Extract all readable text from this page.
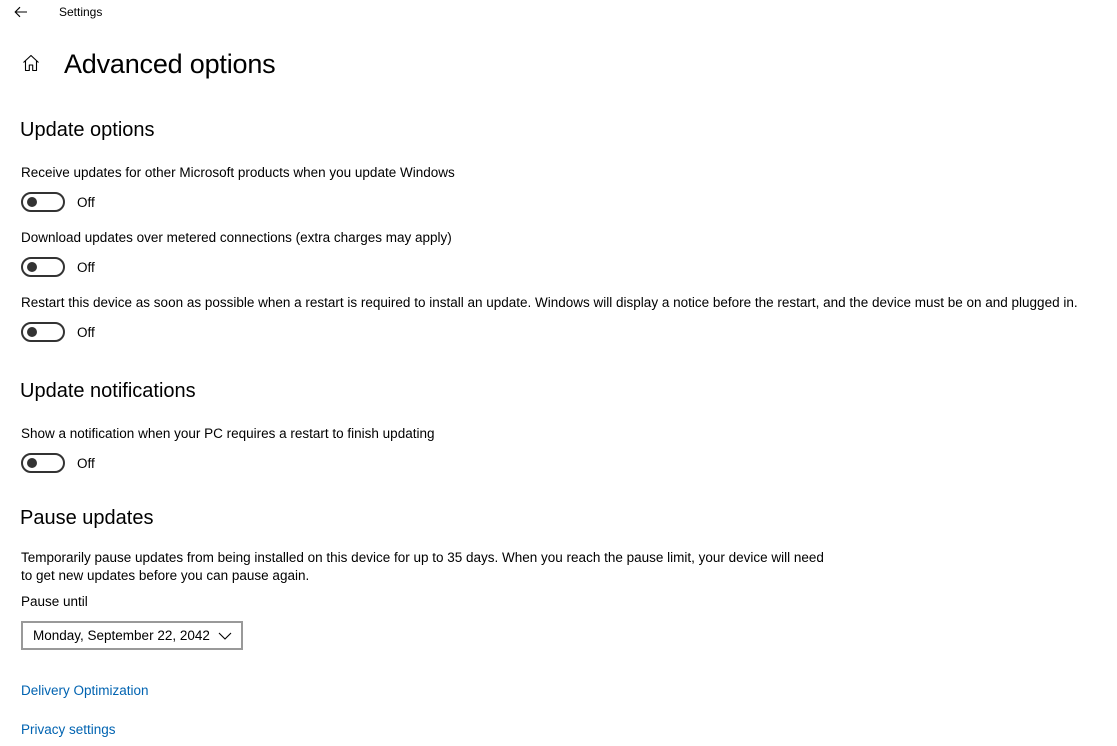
Settings
Advanced options
Update options
Receive updates for other Microsoft products when you update Windows
Off
Download updates over metered connections (extra charges may apply)
Off
Restart this device as soon as possible when a restart is required to install an update. Windows will display a notice before the restart, and the device must be on and plugged in.
Off
Update notifications
Show a notification when your PC requires a restart to finish updating
Off
Pause updates
Temporarily pause updates from being installed on this device for up to 35 days. When you reach the pause limit, your device will need to get new updates before you can pause again.
Pause until
Monday, September 22, 2042
Delivery Optimization
Privacy settings
